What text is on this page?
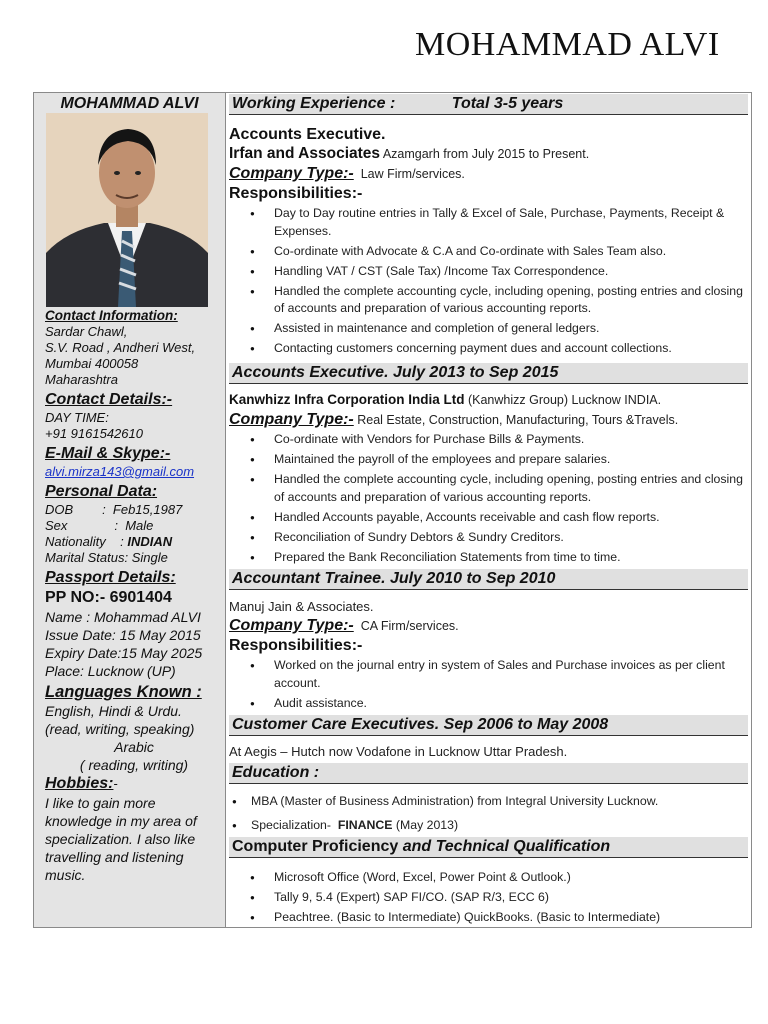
MOHAMMAD ALVI
MOHAMMAD ALVI
Contact Information:
Sardar Chawl,
S.V. Road , Andheri West,
Mumbai 400058
Maharashtra
Contact Details:-
DAY TIME:
+91 9161542610
E-Mail & Skype:-
alvi.mirza143@gmail.com
Personal Data:
DOB        :  Feb15,1987
Sex             :  Male
Nationality    : INDIAN
Marital Status: Single
Passport Details:
PP NO:- 6901404
Name : Mohammad ALVI
Issue Date: 15 May 2015
Expiry Date:15 May 2025
Place: Lucknow (UP)
Languages Known :
English, Hindi & Urdu.
(read, writing, speaking)
Arabic
( reading, writing)
Hobbies:-
I like to gain more knowledge in my area of specialization. I also like travelling and listening music.
Working Experience :	Total 3-5 years
Accounts Executive.
Irfan and Associates Azamgarh from July 2015 to Present.
Company Type:-  Law Firm/services.
Responsibilities:-
● Day to Day routine entries in Tally & Excel of Sale, Purchase, Payments, Receipt & Expenses.
● Co-ordinate with Advocate & C.A and Co-ordinate with Sales Team also.
● Handling VAT / CST (Sale Tax) /Income Tax Correspondence.
● Handled the complete accounting cycle, including opening, posting entries and closing of accounts and preparation of various accounting reports.
● Assisted in maintenance and completion of general ledgers.
● Contacting customers concerning payment dues and account collections.
Accounts Executive. July 2013 to Sep 2015
Kanwhizz Infra Corporation India Ltd (Kanwhizz Group) Lucknow INDIA.
Company Type:- Real Estate, Construction, Manufacturing, Tours &Travels.
● Co-ordinate with Vendors for Purchase Bills & Payments.
● Maintained the payroll of the employees and prepare salaries.
● Handled the complete accounting cycle, including opening, posting entries and closing of accounts and preparation of various accounting reports.
● Handled Accounts payable, Accounts receivable and cash flow reports.
● Reconciliation of Sundry Debtors & Sundry Creditors.
● Prepared the Bank Reconciliation Statements from time to time.
Accountant Trainee. July 2010 to Sep 2010
Manuj Jain & Associates.
Company Type:-  CA Firm/services.
Responsibilities:-
● Worked on the journal entry in system of Sales and Purchase invoices as per client account.
● Audit assistance.
Customer Care Executives. Sep 2006 to May 2008
At Aegis – Hutch now Vodafone in Lucknow Uttar Pradesh.
Education :
● MBA (Master of Business Administration) from Integral University Lucknow.
● Specialization-  FINANCE (May 2013)
Computer Proficiency and Technical Qualification
● Microsoft Office (Word, Excel, Power Point & Outlook.)
● Tally 9, 5.4 (Expert) SAP FI/CO. (SAP R/3, ECC 6)
● Peachtree. (Basic to Intermediate) QuickBooks. (Basic to Intermediate)
